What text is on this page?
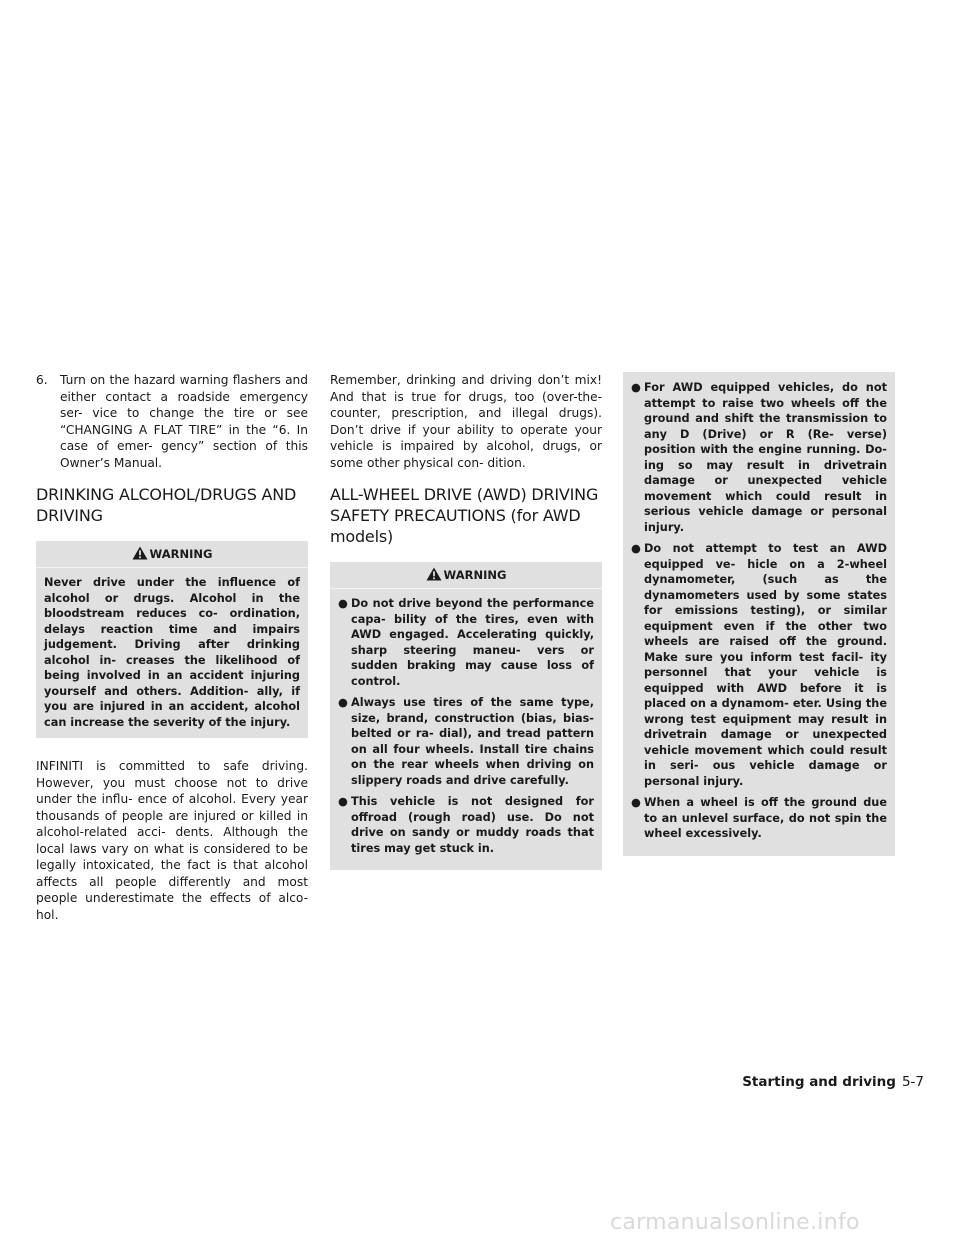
6. Turn on the hazard warning flashers and either contact a roadside emergency ser- vice to change the tire or see “CHANGING A FLAT TIRE” in the “6. In case of emer- gency” section of this Owner’s Manual.

DRINKING ALCOHOL/DRUGS AND DRIVING
WARNING

Never drive under the influence of alcohol or drugs. Alcohol in the bloodstream reduces co- ordination, delays reaction time and impairs judgement. Driving after drinking alcohol in- creases the likelihood of being involved in an accident injuring yourself and others. Addition- ally, if you are injured in an accident, alcohol can increase the severity of the injury.

INFINITI is committed to safe driving. However, you must choose not to drive under the influ- ence of alcohol. Every year thousands of people are injured or killed in alcohol-related acci- dents. Although the local laws vary on what is considered to be legally intoxicated, the fact is that alcohol affects all people differently and most people underestimate the effects of alco- hol.

Remember, drinking and driving don’t mix! And that is true for drugs, too (over-the-counter, prescription, and illegal drugs). Don’t drive if your ability to operate your vehicle is impaired by alcohol, drugs, or some other physical con- dition.

ALL-WHEEL DRIVE (AWD) DRIVING SAFETY PRECAUTIONS (for AWD models)
WARNING
● Do not drive beyond the performance capa- bility of the tires, even with AWD engaged. Accelerating quickly, sharp steering maneu- vers or sudden braking may cause loss of control.
● Always use tires of the same type, size, brand, construction (bias, bias-belted or ra- dial), and tread pattern on all four wheels. Install tire chains on the rear wheels when driving on slippery roads and drive carefully.
● This vehicle is not designed for offroad (rough road) use. Do not drive on sandy or muddy roads that tires may get stuck in.
● For AWD equipped vehicles, do not attempt to raise two wheels off the ground and shift the transmission to any D (Drive) or R (Re- verse) position with the engine running. Do- ing so may result in drivetrain damage or unexpected vehicle movement which could result in serious vehicle damage or personal injury.
● Do not attempt to test an AWD equipped ve- hicle on a 2-wheel dynamometer, (such as the dynamometers used by some states for emissions testing), or similar equipment even if the other two wheels are raised off the ground. Make sure you inform test facil- ity personnel that your vehicle is equipped with AWD before it is placed on a dynamom- eter. Using the wrong test equipment may result in drivetrain damage or unexpected vehicle movement which could result in seri- ous vehicle damage or personal injury.
● When a wheel is off the ground due to an unlevel surface, do not spin the wheel excessively.
Starting and driving 5-7
carmanualsonline.info
